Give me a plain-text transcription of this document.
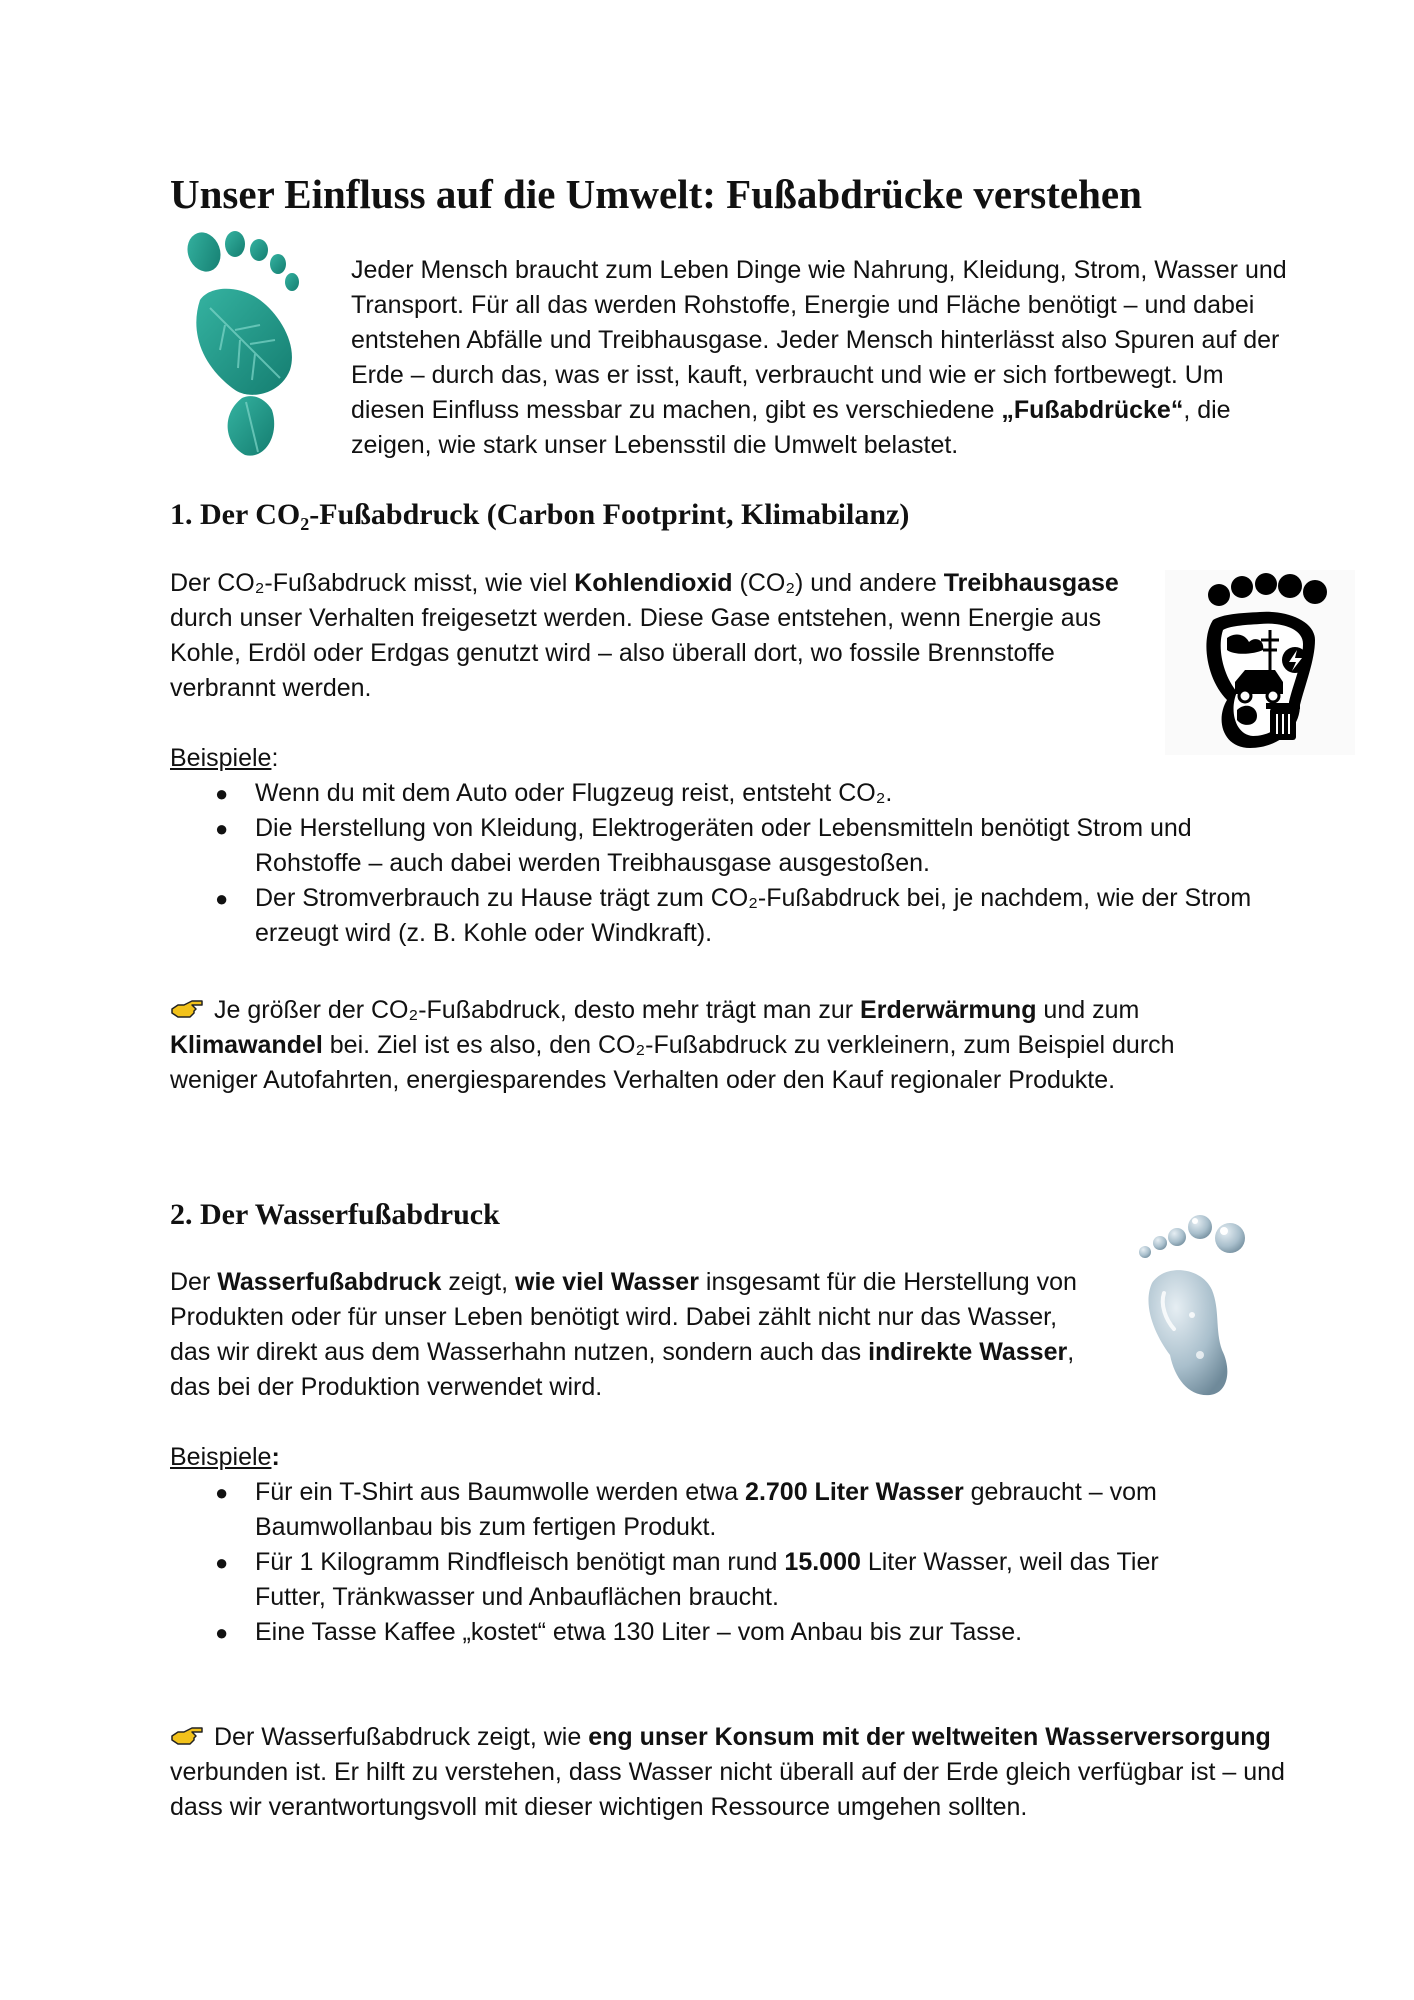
Unser Einfluss auf die Umwelt: Fußabdrücke verstehen

Jeder Mensch braucht zum Leben Dinge wie Nahrung, Kleidung, Strom, Wasser und Transport. Für all das werden Rohstoffe, Energie und Fläche benötigt – und dabei entstehen Abfälle und Treibhausgase. Jeder Mensch hinterlässt also Spuren auf der Erde – durch das, was er isst, kauft, verbraucht und wie er sich fortbewegt. Um diesen Einfluss messbar zu machen, gibt es verschiedene „Fußabdrücke“, die zeigen, wie stark unser Lebensstil die Umwelt belastet.

1. Der CO₂-Fußabdruck (Carbon Footprint, Klimabilanz)

Der CO₂-Fußabdruck misst, wie viel Kohlendioxid (CO₂) und andere Treibhausgase durch unser Verhalten freigesetzt werden. Diese Gase entstehen, wenn Energie aus Kohle, Erdöl oder Erdgas genutzt wird – also überall dort, wo fossile Brennstoffe verbrannt werden.

Beispiele:
● Wenn du mit dem Auto oder Flugzeug reist, entsteht CO₂.
● Die Herstellung von Kleidung, Elektrogeräten oder Lebensmitteln benötigt Strom und Rohstoffe – auch dabei werden Treibhausgase ausgestoßen.
● Der Stromverbrauch zu Hause trägt zum CO₂-Fußabdruck bei, je nachdem, wie der Strom erzeugt wird (z. B. Kohle oder Windkraft).

Je größer der CO₂-Fußabdruck, desto mehr trägt man zur Erderwärmung und zum Klimawandel bei. Ziel ist es also, den CO₂-Fußabdruck zu verkleinern, zum Beispiel durch weniger Autofahrten, energiesparendes Verhalten oder den Kauf regionaler Produkte.

2. Der Wasserfußabdruck

Der Wasserfußabdruck zeigt, wie viel Wasser insgesamt für die Herstellung von Produkten oder für unser Leben benötigt wird. Dabei zählt nicht nur das Wasser, das wir direkt aus dem Wasserhahn nutzen, sondern auch das indirekte Wasser, das bei der Produktion verwendet wird.

Beispiele:
● Für ein T-Shirt aus Baumwolle werden etwa 2.700 Liter Wasser gebraucht – vom Baumwollanbau bis zum fertigen Produkt.
● Für 1 Kilogramm Rindfleisch benötigt man rund 15.000 Liter Wasser, weil das Tier Futter, Tränkwasser und Anbauflächen braucht.
● Eine Tasse Kaffee „kostet“ etwa 130 Liter – vom Anbau bis zur Tasse.

Der Wasserfußabdruck zeigt, wie eng unser Konsum mit der weltweiten Wasserversorgung verbunden ist. Er hilft zu verstehen, dass Wasser nicht überall auf der Erde gleich verfügbar ist – und dass wir verantwortungsvoll mit dieser wichtigen Ressource umgehen sollten.
